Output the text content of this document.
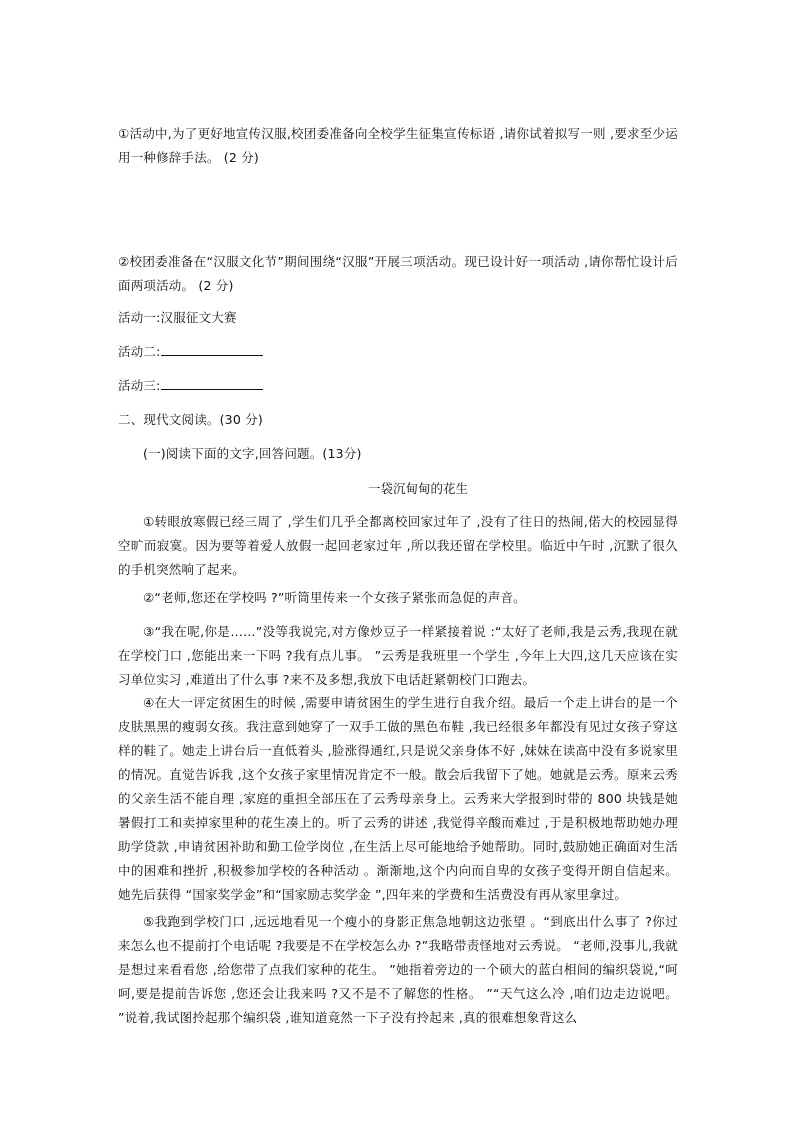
①活动中,为了更好地宣传汉服,校团委准备向全校学生征集宣传标语 ,请你试着拟写一则 ,要求至少运用一种修辞手法。 (2 分)

②校团委准备在“汉服文化节”期间围绕“汉服”开展三项活动。现已设计好一项活动 ,请你帮忙设计后面两项活动。 (2 分)

活动一:汉服征文大赛

活动二:

活动三:

二、现代文阅读。(30 分)

(一)阅读下面的文字,回答问题。(13分)

一袋沉甸甸的花生

①转眼放寒假已经三周了 ,学生们几乎全都离校回家过年了 ,没有了往日的热闹,偌大的校园显得空旷而寂寞。因为要等着爱人放假一起回老家过年 ,所以我还留在学校里。临近中午时 ,沉默了很久的手机突然响了起来。

②“老师,您还在学校吗 ?”听筒里传来一个女孩子紧张而急促的声音。

③“我在呢,你是……”没等我说完,对方像炒豆子一样紧接着说 :“太好了老师,我是云秀,我现在就在学校门口 ,您能出来一下吗 ?我有点儿事。 ”云秀是我班里一个学生 ,今年上大四,这几天应该在实习单位实习 ,难道出了什么事 ?来不及多想,我放下电话赶紧朝校门口跑去。

④在大一评定贫困生的时候 ,需要申请贫困生的学生进行自我介绍。最后一个走上讲台的是一个皮肤黑黑的瘦弱女孩。我注意到她穿了一双手工做的黑色布鞋 ,我已经很多年都没有见过女孩子穿这样的鞋了。她走上讲台后一直低着头 ,脸涨得通红,只是说父亲身体不好 ,妹妹在读高中没有多说家里的情况。直觉告诉我 ,这个女孩子家里情况肯定不一般。散会后我留下了她。她就是云秀。原来云秀的父亲生活不能自理 ,家庭的重担全部压在了云秀母亲身上。云秀来大学报到时带的 800 块钱是她暑假打工和卖掉家里种的花生凑上的。听了云秀的讲述 ,我觉得辛酸而难过 ,于是积极地帮助她办理助学贷款 ,申请贫困补助和勤工俭学岗位 ,在生活上尽可能地给予她帮助。同时,鼓励她正确面对生活中的困难和挫折 ,积极参加学校的各种活动 。渐渐地,这个内向而自卑的女孩子变得开朗自信起来。她先后获得 “国家奖学金”和“国家励志奖学金 ”,四年来的学费和生活费没有再从家里拿过。

⑤我跑到学校门口 ,远远地看见一个瘦小的身影正焦急地朝这边张望 。“到底出什么事了 ?你过来怎么也不提前打个电话呢 ?我要是不在学校怎么办 ?”我略带责怪地对云秀说。 “老师,没事儿,我就是想过来看看您 ,给您带了点我们家种的花生。 ”她指着旁边的一个硕大的蓝白相间的编织袋说,“呵呵,要是提前告诉您 ,您还会让我来吗 ?又不是不了解您的性格。 ”“天气这么冷 ,咱们边走边说吧。 ”说着,我试图拎起那个编织袋 ,谁知道竟然一下子没有拎起来 ,真的很难想象背这么
